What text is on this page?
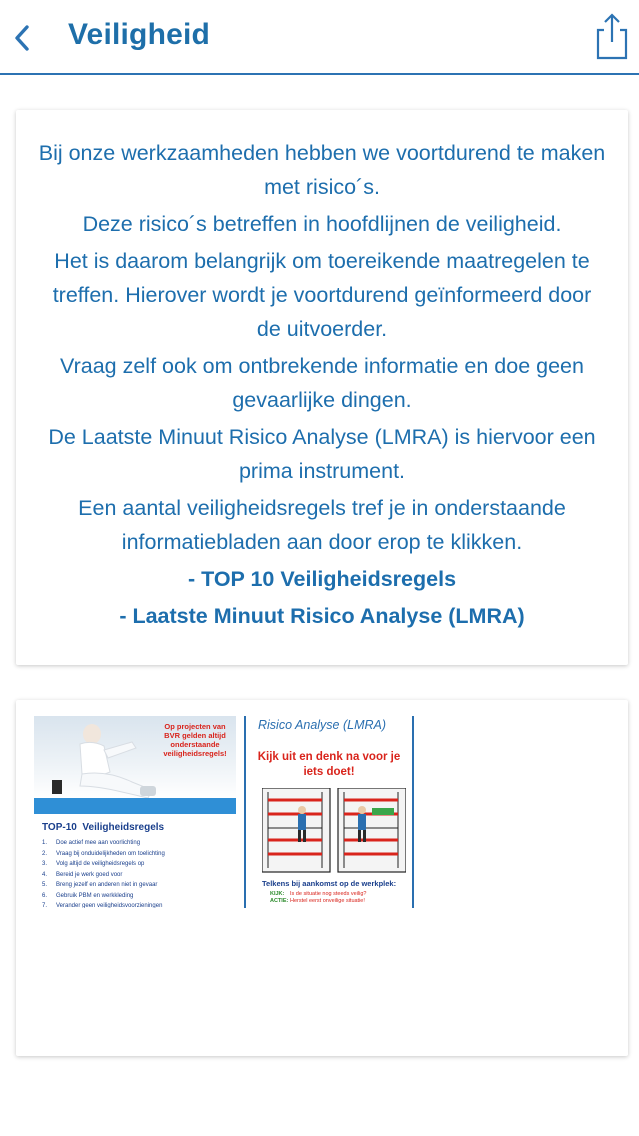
Veiligheid

Bij onze werkzaamheden hebben we voortdurend te maken met risico´s.

Deze risico´s betreffen in hoofdlijnen de veiligheid.

Het is daarom belangrijk om toereikende maatregelen te treffen. Hierover wordt je voortdurend geïnformeerd door de uitvoerder.

Vraag zelf ook om ontbrekende informatie en doe geen gevaarlijke dingen.

De Laatste Minuut Risico Analyse (LMRA) is hiervoor een prima instrument.

Een aantal veiligheidsregels tref je in onderstaande informatiebladen aan door erop te klikken.

- TOP 10 Veiligheidsregels

- Laatste Minuut Risico Analyse (LMRA)

Op projecten van BVR gelden altijd onderstaande veiligheidsregels!
TOP-10 Veiligheidsregels
1. Doe actief mee aan voorlichting
2. Vraag bij onduidelijkheden om toelichting
3. Volg altijd de veiligheidsregels op
4. Bereid je werk goed voor
5. Breng jezelf en anderen niet in gevaar
6. Gebruik PBM en werkkleding
7. Verander geen veiligheidsvoorzieningen
Risico Analyse (LMRA)
Kijk uit en denk na voor je iets doet!
Telkens bij aankomst op de werkplek:
KIJK: Is de situatie nog steeds veilig?
ACTIE: Herstel eerst onveilige situatie!
